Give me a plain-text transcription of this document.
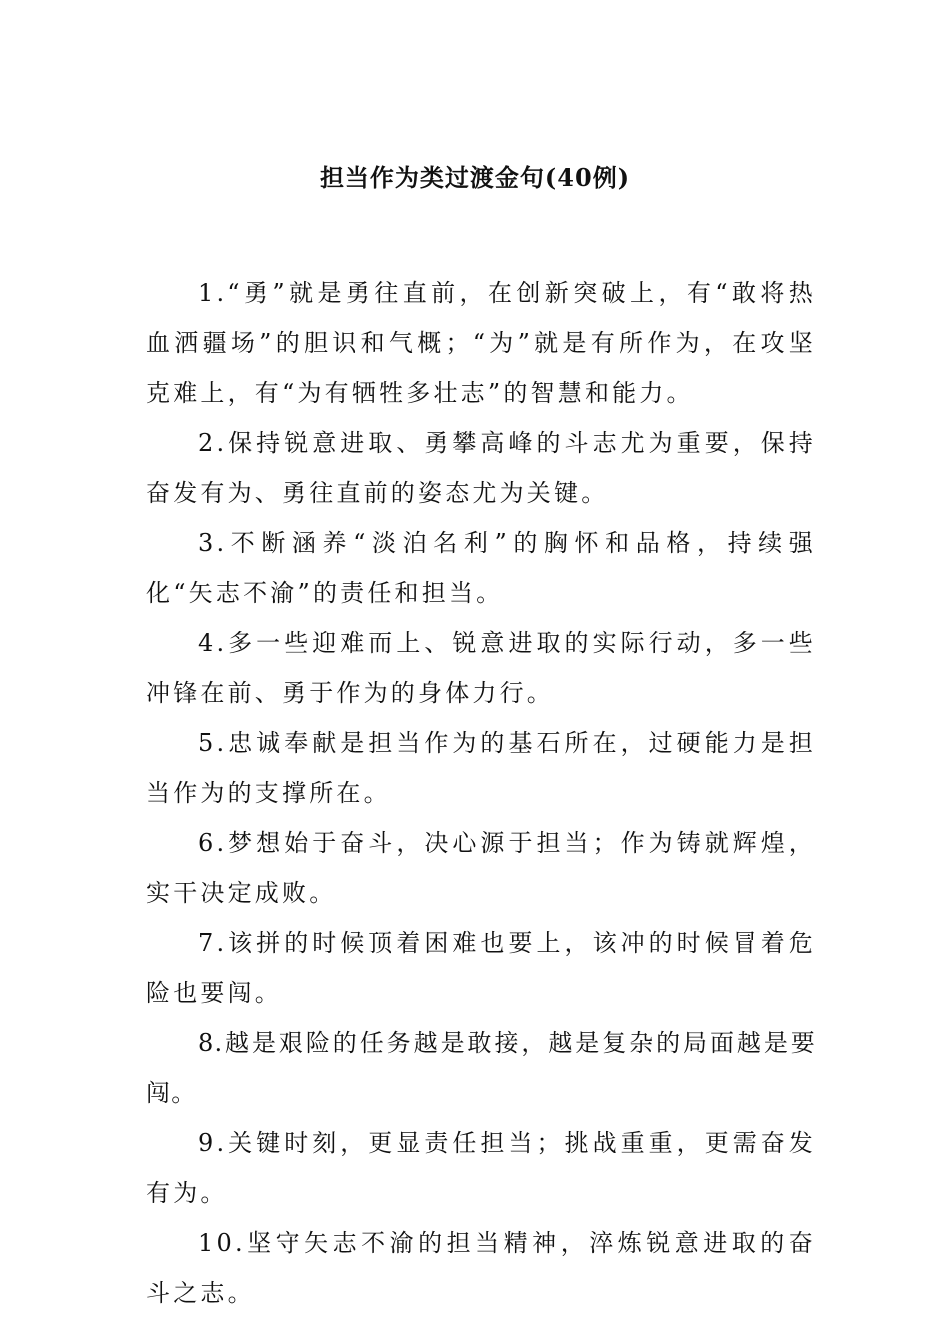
担当作为类过渡金句(40例)

1.“勇”就是勇往直前，在创新突破上，有“敢将热血洒疆场”的胆识和气概；“为”就是有所作为，在攻坚克难上，有“为有牺牲多壮志”的智慧和能力。

2.保持锐意进取、勇攀高峰的斗志尤为重要，保持奋发有为、勇往直前的姿态尤为关键。

3.不断涵养“淡泊名利”的胸怀和品格，持续强化“矢志不渝”的责任和担当。

4.多一些迎难而上、锐意进取的实际行动，多一些冲锋在前、勇于作为的身体力行。

5.忠诚奉献是担当作为的基石所在，过硬能力是担当作为的支撑所在。

6.梦想始于奋斗，决心源于担当；作为铸就辉煌，实干决定成败。

7.该拼的时候顶着困难也要上，该冲的时候冒着危险也要闯。

8.越是艰险的任务越是敢接，越是复杂的局面越是要闯。

9.关键时刻，更显责任担当；挑战重重，更需奋发有为。

10.坚守矢志不渝的担当精神，淬炼锐意进取的奋斗之志。
